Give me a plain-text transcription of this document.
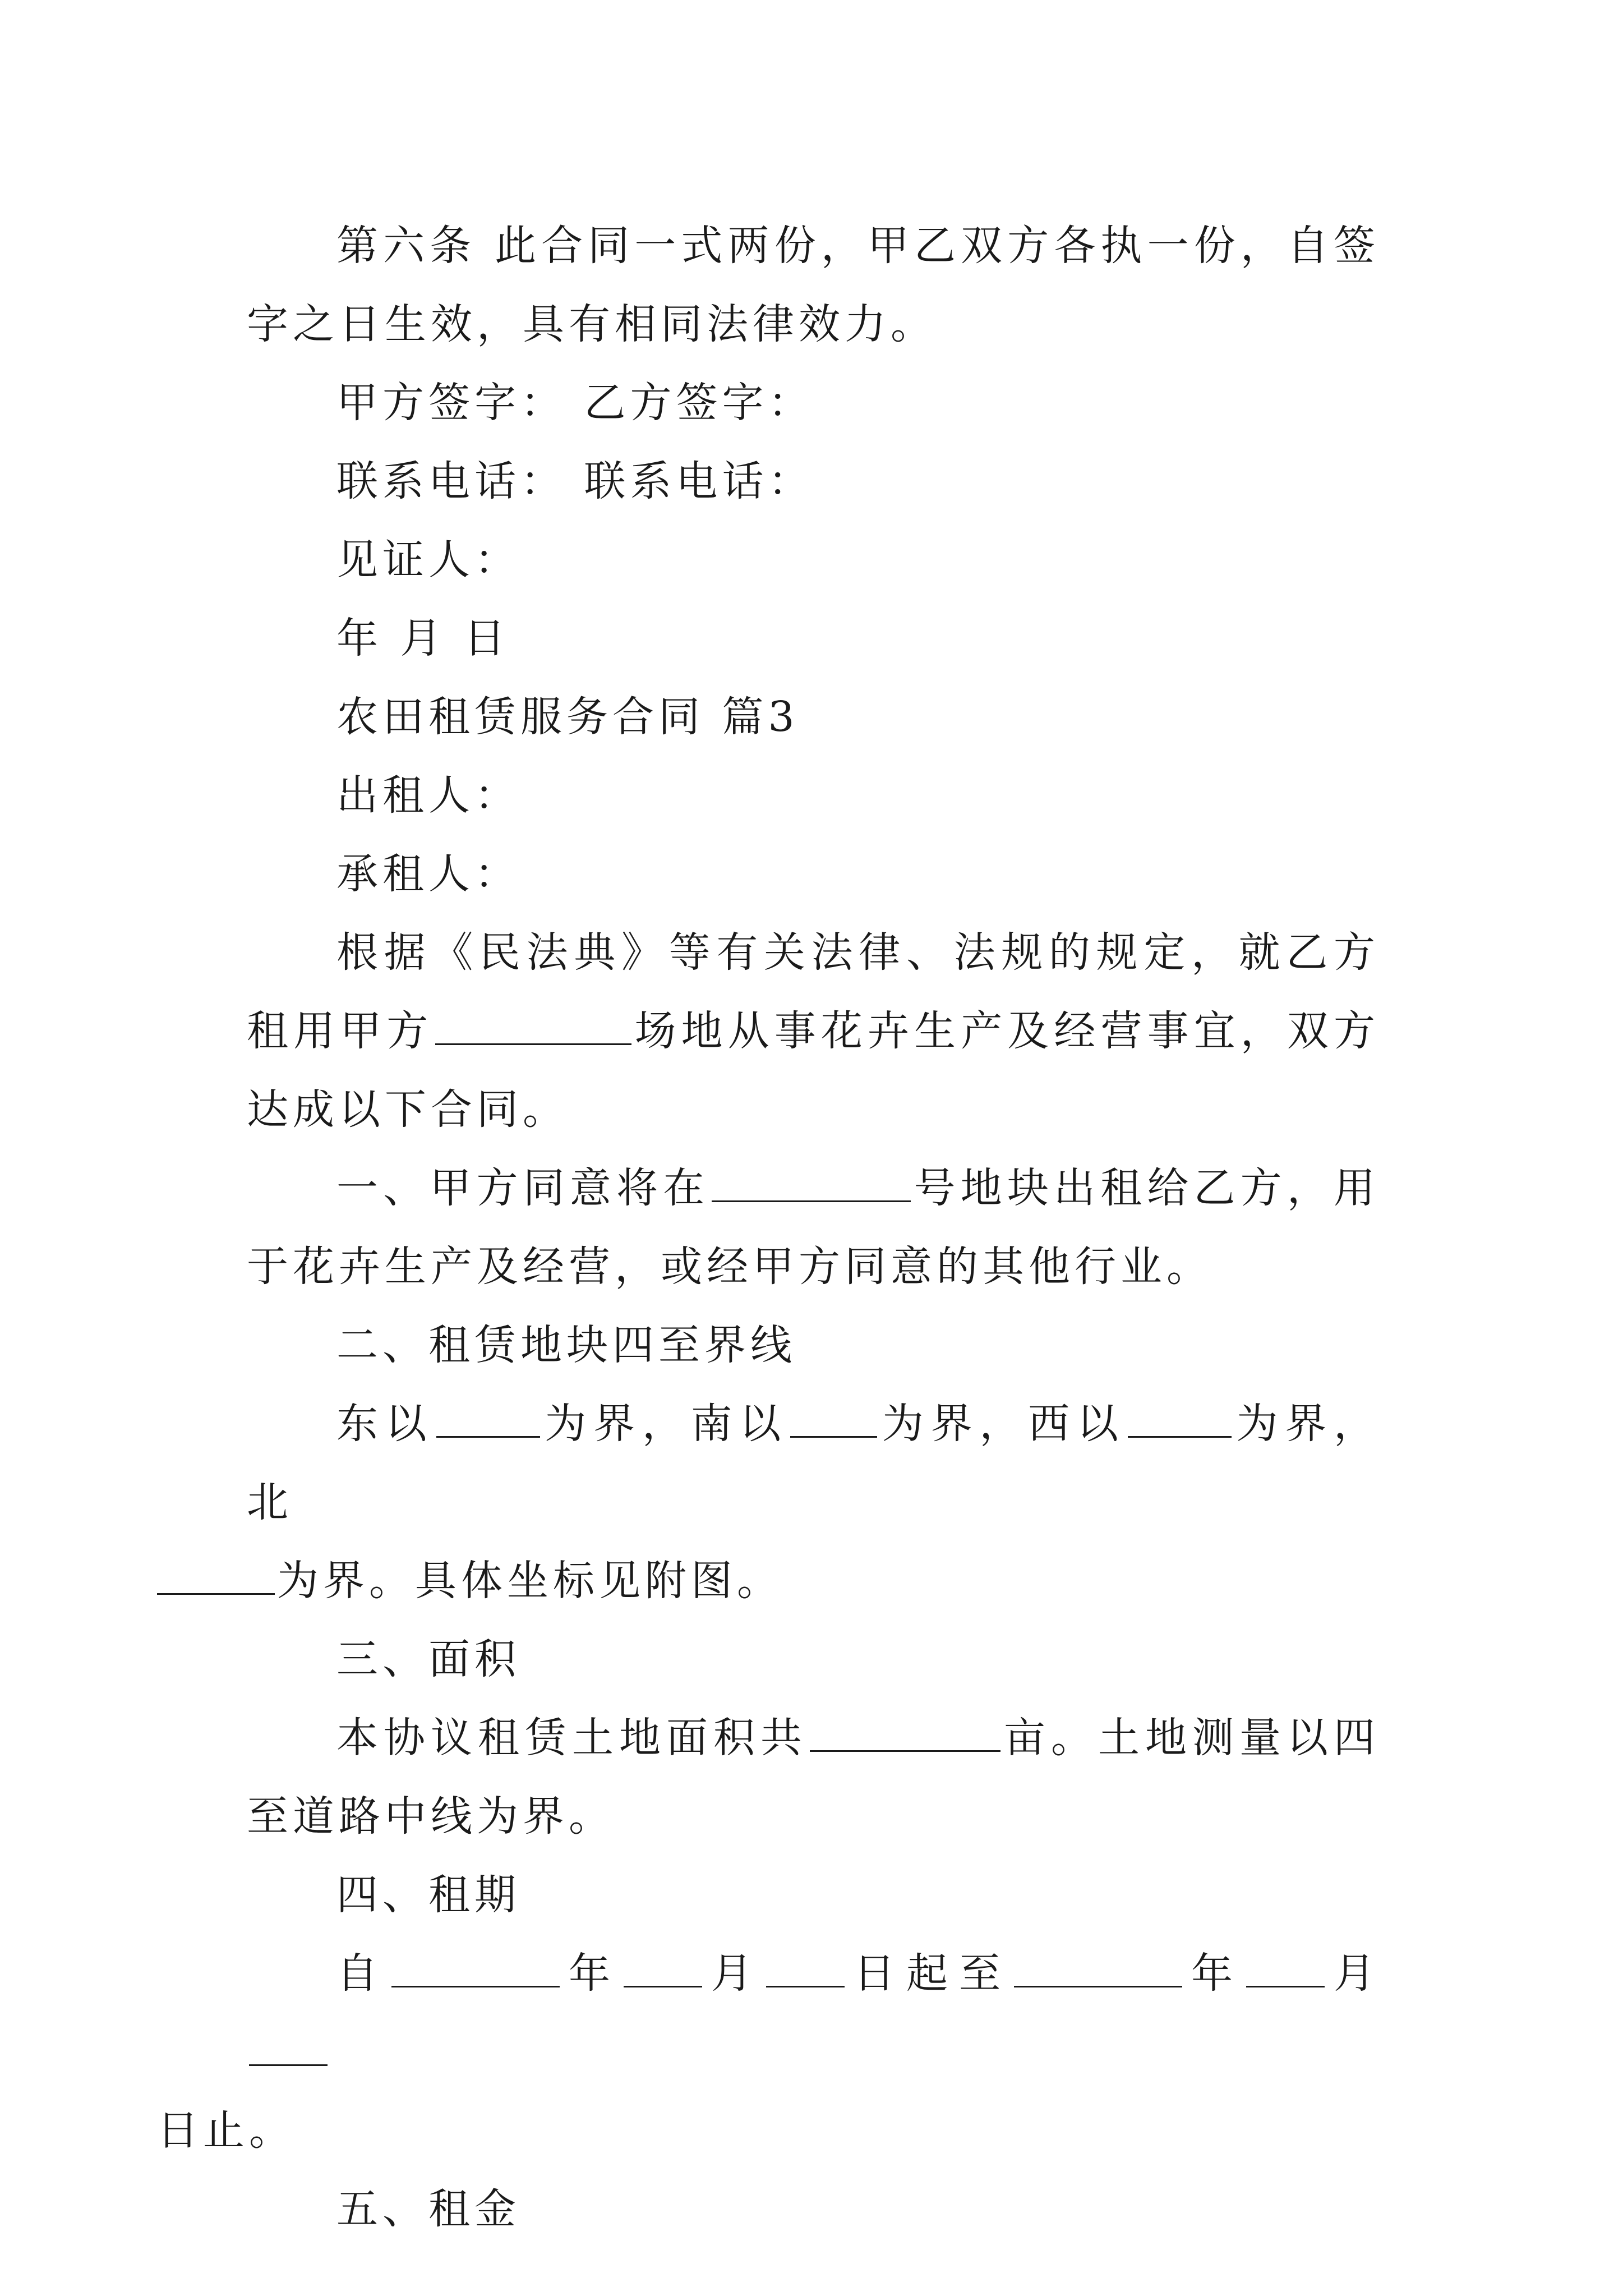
第六条 此合同一式两份，甲乙双方各执一份，自签字之日生效，具有相同法律效力。

甲方签字： 乙方签字：

联系电话： 联系电话：

见证人：

年 月 日

农田租赁服务合同 篇3

出租人：

承租人：

根据《民法典》等有关法律、法规的规定，就乙方租用甲方	场地从事花卉生产及经营事宜，双方达成以下合同。

一、甲方同意将在	号地块出租给乙方，用于花卉生产及经营，或经甲方同意的其他行业。

二、租赁地块四至界线

东以	为界，南以 为界，西以	为界，北
为界。具体坐标见附图。

三、面积

本协议租赁土地面积共	亩。土地测量以四至道路中线为界。

四、租期

自	年 月 日起至	年 月
日止。

五、租金
